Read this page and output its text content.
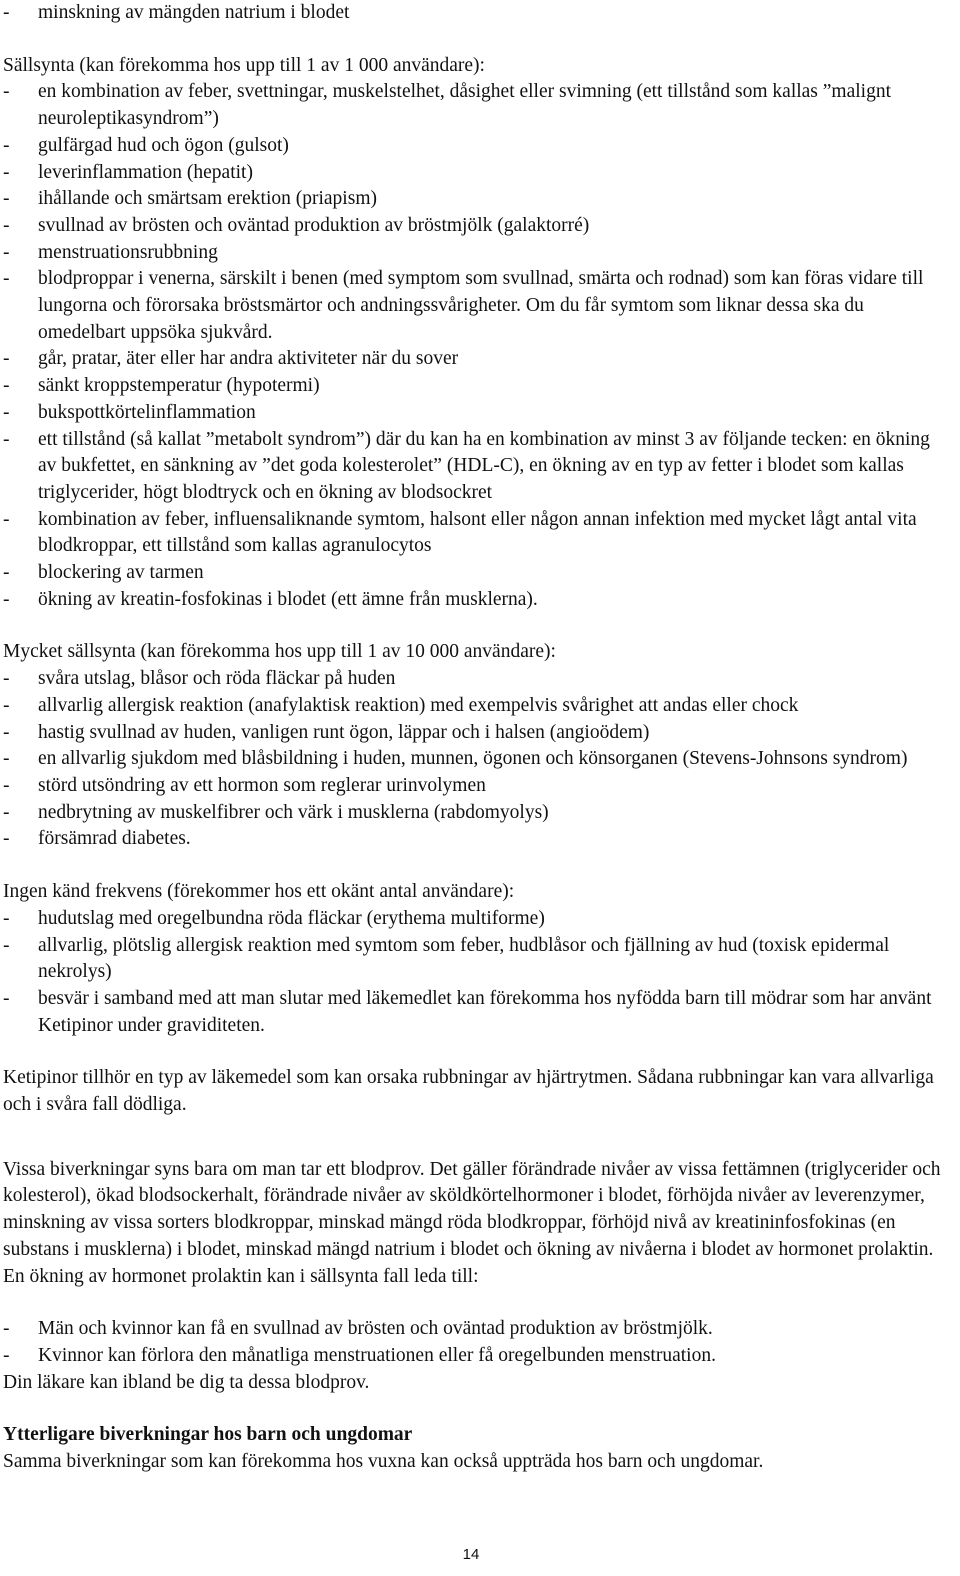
-	minskning av mängden natrium i blodet
Sällsynta (kan förekomma hos upp till 1 av 1 000 användare):
-	en kombination av feber, svettningar, muskelstelhet, dåsighet eller svimning (ett tillstånd som kallas ”malignt neuroleptikasyndrom”)
-	gulfärgad hud och ögon (gulsot)
-	leverinflammation (hepatit)
-	ihållande och smärtsam erektion (priapism)
-	svullnad av brösten och oväntad produktion av bröstmjölk (galaktorré)
-	menstruationsrubbning
-	blodproppar i venerna, särskilt i benen (med symptom som svullnad, smärta och rodnad) som kan föras vidare till lungorna och förorsaka bröstsmärtor och andningssvårigheter. Om du får symtom som liknar dessa ska du omedelbart uppsöka sjukvård.
-	går, pratar, äter eller har andra aktiviteter när du sover
-	sänkt kroppstemperatur (hypotermi)
-	bukspottkörtelinflammation
-	ett tillstånd (så kallat ”metabolt syndrom”) där du kan ha en kombination av minst 3 av följande tecken: en ökning av bukfettet, en sänkning av ”det goda kolesterolet” (HDL-C), en ökning av en typ av fetter i blodet som kallas triglycerider, högt blodtryck och en ökning av blodsockret
-	kombination av feber, influensaliknande symtom, halsont eller någon annan infektion med mycket lågt antal vita blodkroppar, ett tillstånd som kallas agranulocytos
-	blockering av tarmen
-	ökning av kreatin-fosfokinas i blodet (ett ämne från musklerna).
Mycket sällsynta (kan förekomma hos upp till 1 av 10 000 användare):
-	svåra utslag, blåsor och röda fläckar på huden
-	allvarlig allergisk reaktion (anafylaktisk reaktion) med exempelvis svårighet att andas eller chock
-	hastig svullnad av huden, vanligen runt ögon, läppar och i halsen (angioödem)
-	en allvarlig sjukdom med blåsbildning i huden, munnen, ögonen och könsorganen (Stevens-Johnsons syndrom)
-	störd utsöndring av ett hormon som reglerar urinvolymen
-	nedbrytning av muskelfibrer och värk i musklerna (rabdomyolys)
-	försämrad diabetes.
Ingen känd frekvens (förekommer hos ett okänt antal användare):
-	hudutslag med oregelbundna röda fläckar (erythema multiforme)
-	allvarlig, plötslig allergisk reaktion med symtom som feber, hudblåsor och fjällning av hud (toxisk epidermal nekrolys)
-	besvär i samband med att man slutar med läkemedlet kan förekomma hos nyfödda barn till mödrar som har använt Ketipinor under graviditeten.

Ketipinor tillhör en typ av läkemedel som kan orsaka rubbningar av hjärtrytmen. Sådana rubbningar kan vara allvarliga och i svåra fall dödliga.

Vissa biverkningar syns bara om man tar ett blodprov. Det gäller förändrade nivåer av vissa fettämnen (triglycerider och kolesterol), ökad blodsockerhalt, förändrade nivåer av sköldkörtelhormoner i blodet, förhöjda nivåer av leverenzymer, minskning av vissa sorters blodkroppar, minskad mängd röda blodkroppar, förhöjd nivå av kreatininfosfokinas (en substans i musklerna) i blodet, minskad mängd natrium i blodet och ökning av nivåerna i blodet av hormonet prolaktin. En ökning av hormonet prolaktin kan i sällsynta fall leda till:

-	Män och kvinnor kan få en svullnad av brösten och oväntad produktion av bröstmjölk.
-	Kvinnor kan förlora den månatliga menstruationen eller få oregelbunden menstruation.
Din läkare kan ibland be dig ta dessa blodprov.
Ytterligare biverkningar hos barn och ungdomar
Samma biverkningar som kan förekomma hos vuxna kan också uppträda hos barn och ungdomar.
14
